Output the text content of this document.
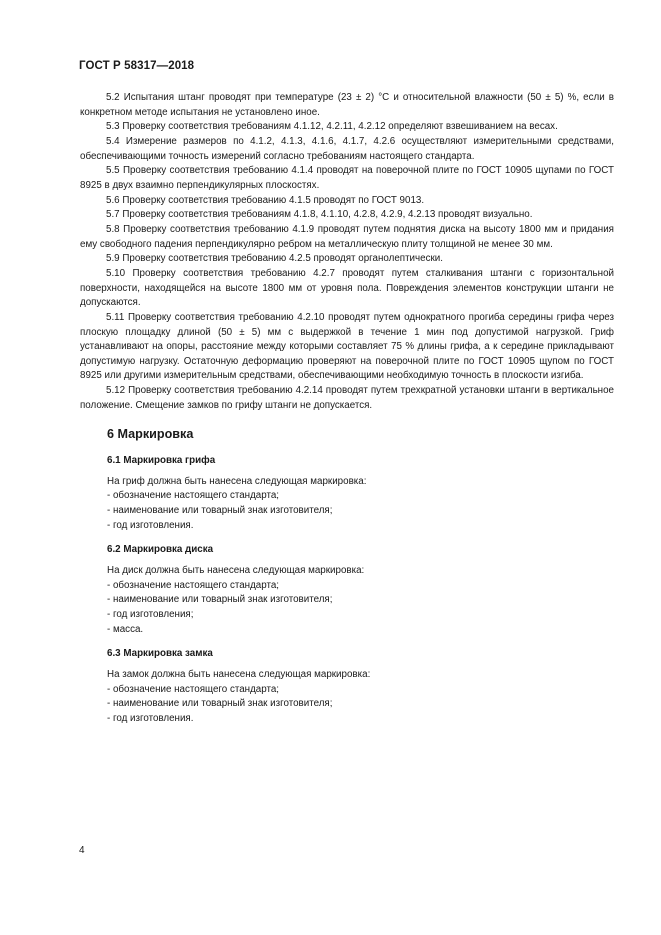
ГОСТ Р 58317—2018

5.2 Испытания штанг проводят при температуре (23 ± 2) °С и относительной влажности (50 ± 5) %, если в конкретном методе испытания не установлено иное.

5.3 Проверку соответствия требованиям 4.1.12, 4.2.11, 4.2.12 определяют взвешиванием на весах.

5.4 Измерение размеров по 4.1.2, 4.1.3, 4.1.6, 4.1.7, 4.2.6 осуществляют измерительными средствами, обеспечивающими точность измерений согласно требованиям настоящего стандарта.

5.5 Проверку соответствия требованию 4.1.4 проводят на поверочной плите по ГОСТ 10905 щупами по ГОСТ 8925 в двух взаимно перпендикулярных плоскостях.

5.6 Проверку соответствия требованию 4.1.5 проводят по ГОСТ 9013.

5.7 Проверку соответствия требованиям 4.1.8, 4.1.10, 4.2.8, 4.2.9, 4.2.13 проводят визуально.

5.8 Проверку соответствия требованию 4.1.9 проводят путем поднятия диска на высоту 1800 мм и придания ему свободного падения перпендикулярно ребром на металлическую плиту толщиной не менее 30 мм.

5.9 Проверку соответствия требованию 4.2.5 проводят органолептически.

5.10 Проверку соответствия требованию 4.2.7 проводят путем сталкивания штанги с горизонтальной поверхности, находящейся на высоте 1800 мм от уровня пола. Повреждения элементов конструкции штанги не допускаются.

5.11 Проверку соответствия требованию 4.2.10 проводят путем однократного прогиба середины грифа через плоскую площадку длиной (50 ± 5) мм с выдержкой в течение 1 мин под допустимой нагрузкой. Гриф устанавливают на опоры, расстояние между которыми составляет 75 % длины грифа, а к середине прикладывают допустимую нагрузку. Остаточную деформацию проверяют на поверочной плите по ГОСТ 10905 щупом по ГОСТ 8925 или другими измерительным средствами, обеспечивающими необходимую точность в плоскости изгиба.

5.12 Проверку соответствия требованию 4.2.14 проводят путем трехкратной установки штанги в вертикальное положение. Смещение замков по грифу штанги не допускается.

6 Маркировка
6.1 Маркировка грифа
На гриф должна быть нанесена следующая маркировка:
- обозначение настоящего стандарта;
- наименование или товарный знак изготовителя;
- год изготовления.
6.2 Маркировка диска
На диск должна быть нанесена следующая маркировка:
- обозначение настоящего стандарта;
- наименование или товарный знак изготовителя;
- год изготовления;
- масса.
6.3 Маркировка замка
На замок должна быть нанесена следующая маркировка:
- обозначение настоящего стандарта;
- наименование или товарный знак изготовителя;
- год изготовления.
4
